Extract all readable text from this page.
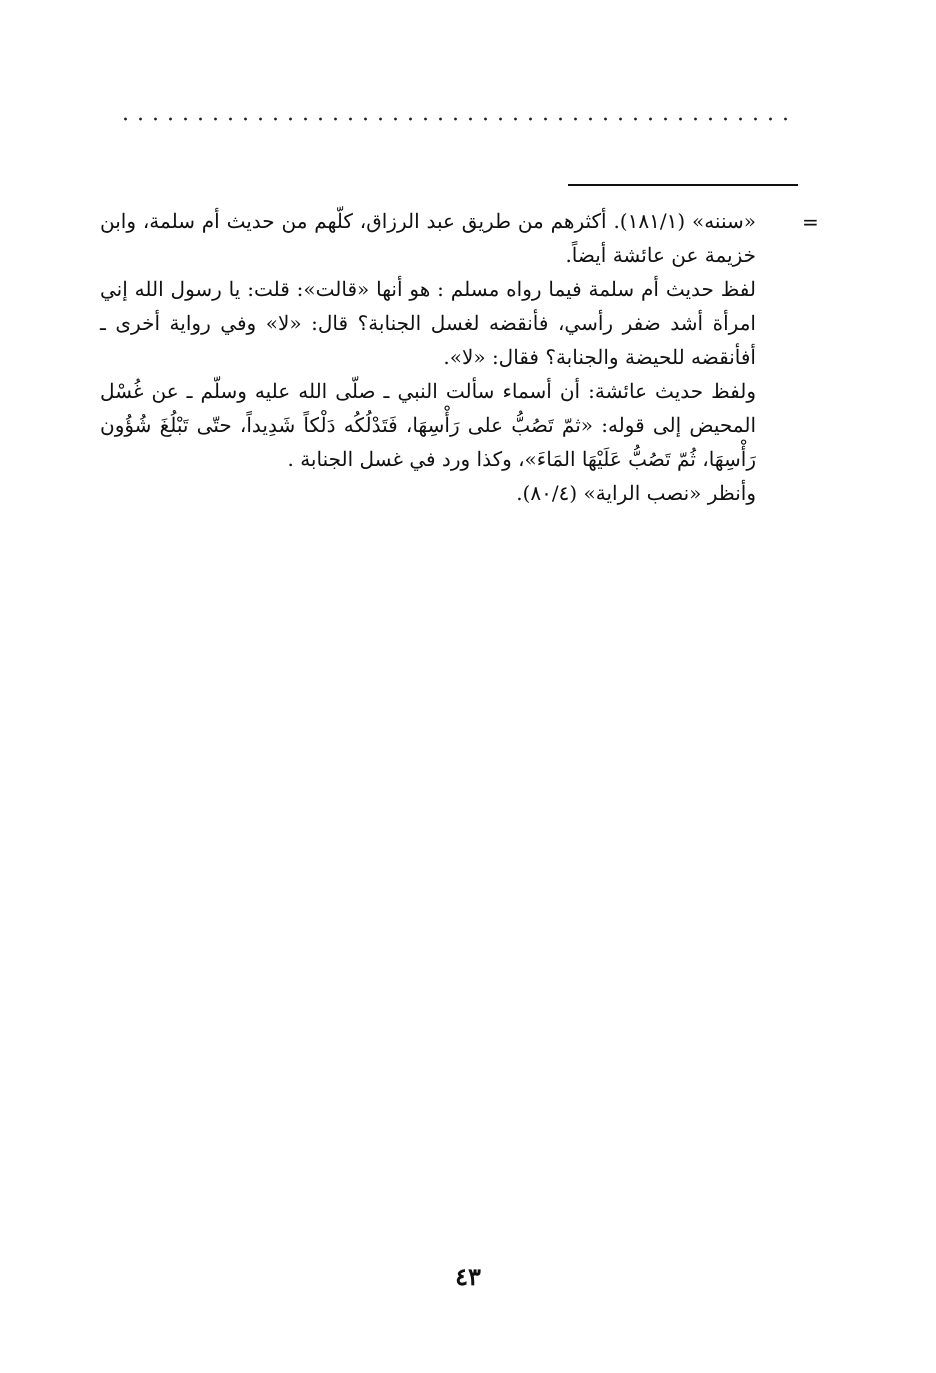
=

«سننه» (١٨١/١). أكثرهم من طريق عبد الرزاق، كلّهم من حديث أم سلمة، وابن خزيمة عن عائشة أيضاً.

لفظ حديث أم سلمة فيما رواه مسلم : هو أنها «قالت»: قلت: يا رسول الله إني امرأة أشد ضفر رأسي، فأنقضه لغسل الجنابة؟ قال: «لا» وفي رواية أخرى ـ أفأنقضه للحيضة والجنابة؟ فقال: «لا».

ولفظ حديث عائشة: أن أسماء سألت النبي ـ صلّى الله عليه وسلّم ـ عن غُسْل المحيض إلى قوله: «ثمّ تَصُبُّ على رَأْسِهَا، فَتَدْلُكُه دَلْكاً شَدِيداً، حتّى تَبْلُغَ شُؤُون رَأْسِهَا، ثُمّ تَصُبُّ عَلَيْهَا المَاءَ»، وكذا ورد في غسل الجنابة .

وأنظر «نصب الراية» (٨٠/٤).

٤٣
